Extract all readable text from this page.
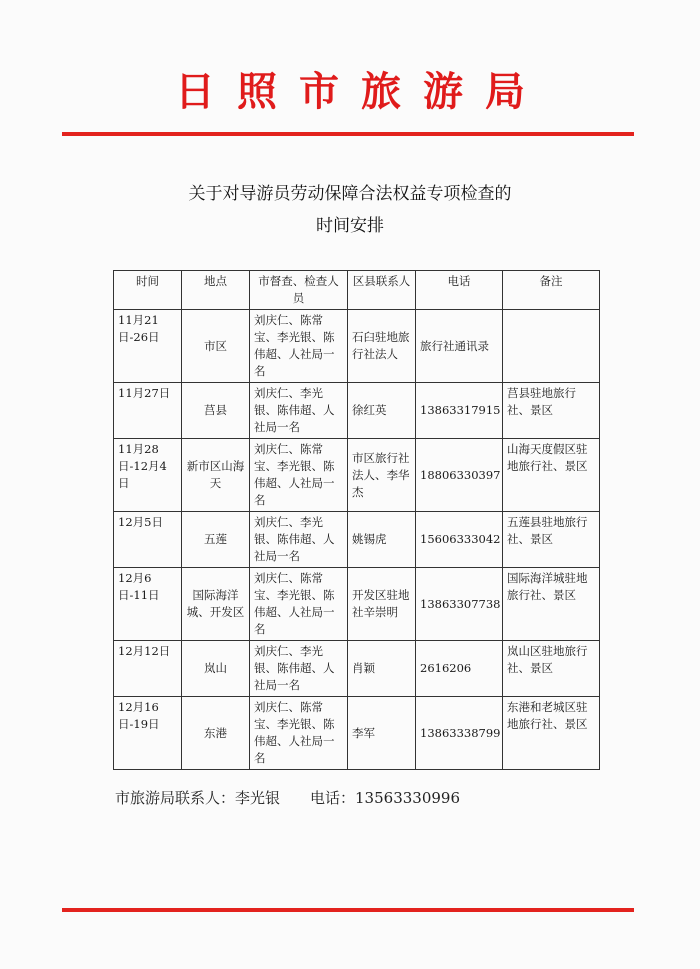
日照市旅游局
关于对导游员劳动保障合法权益专项检查的
时间安排
时间	地点	市督查、检查人员	区县联系人	电话	备注
11月21日-26日	市区	刘庆仁、陈常宝、李光银、陈伟超、人社局一名	石臼驻地旅行社法人	旅行社通讯录	
11月27日	莒县	刘庆仁、李光银、陈伟超、人社局一名	徐红英	13863317915	莒县驻地旅行社、景区
11月28日-12月4日	新市区山海天	刘庆仁、陈常宝、李光银、陈伟超、人社局一名	市区旅行社法人、李华杰	18806330397	山海天度假区驻地旅行社、景区
12月5日	五莲	刘庆仁、李光银、陈伟超、人社局一名	姚锡虎	15606333042	五莲县驻地旅行社、景区
12月6日-11日	国际海洋城、开发区	刘庆仁、陈常宝、李光银、陈伟超、人社局一名	开发区驻地社辛崇明	13863307738	国际海洋城驻地旅行社、景区
12月12日	岚山	刘庆仁、李光银、陈伟超、人社局一名	肖颖	2616206	岚山区驻地旅行社、景区
12月16日-19日	东港	刘庆仁、陈常宝、李光银、陈伟超、人社局一名	李军	13863338799	东港和老城区驻地旅行社、景区
市旅游局联系人：李光银 电话：13563330996
